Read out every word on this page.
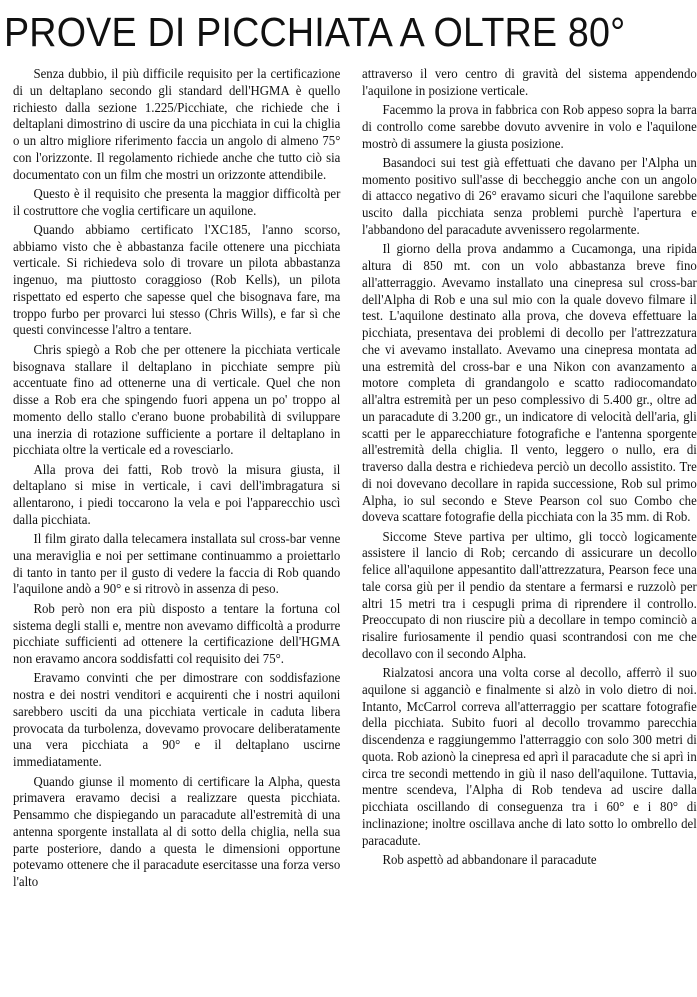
PROVE DI PICCHIATA A OLTRE 80°

Senza dubbio, il più difficile requisito per la certificazione di un deltaplano secondo gli standard dell'HGMA è quello richiesto dalla sezione 1.225/Picchiate, che richiede che i deltaplani dimostrino di uscire da una picchiata in cui la chiglia o un altro migliore riferimento faccia un angolo di almeno 75° con l'orizzonte. Il regolamento richiede anche che tutto ciò sia documentato con un film che mostri un orizzonte attendibile.

Questo è il requisito che presenta la maggior difficoltà per il costruttore che voglia certificare un aquilone.

Quando abbiamo certificato l'XC185, l'anno scorso, abbiamo visto che è abbastanza facile ottenere una picchiata verticale. Si richiedeva solo di trovare un pilota abbastanza ingenuo, ma piuttosto coraggioso (Rob Kells), un pilota rispettato ed esperto che sapesse quel che bisognava fare, ma troppo furbo per provarci lui stesso (Chris Wills), e far sì che questi convincesse l'altro a tentare.

Chris spiegò a Rob che per ottenere la picchiata verticale bisognava stallare il deltaplano in picchiate sempre più accentuate fino ad ottenerne una di verticale. Quel che non disse a Rob era che spingendo fuori appena un po' troppo al momento dello stallo c'erano buone probabilità di sviluppare una inerzia di rotazione sufficiente a portare il deltaplano in picchiata oltre la verticale ed a rovesciarlo.

Alla prova dei fatti, Rob trovò la misura giusta, il deltaplano si mise in verticale, i cavi dell'imbragatura si allentarono, i piedi toccarono la vela e poi l'apparecchio uscì dalla picchiata.

Il film girato dalla telecamera installata sul cross-bar venne una meraviglia e noi per settimane continuammo a proiettarlo di tanto in tanto per il gusto di vedere la faccia di Rob quando l'aquilone andò a 90° e si ritrovò in assenza di peso.

Rob però non era più disposto a tentare la fortuna col sistema degli stalli e, mentre non avevamo difficoltà a produrre picchiate sufficienti ad ottenere la certificazione dell'HGMA non eravamo ancora soddisfatti col requisito dei 75°.

Eravamo convinti che per dimostrare con soddisfazione nostra e dei nostri venditori e acquirenti che i nostri aquiloni sarebbero usciti da una picchiata verticale in caduta libera provocata da turbolenza, dovevamo provocare deliberatamente una vera picchiata a 90° e il deltaplano uscirne immediatamente.

Quando giunse il momento di certificare la Alpha, questa primavera eravamo decisi a realizzare questa picchiata. Pensammo che dispiegando un paracadute all'estremità di una antenna sporgente installata al di sotto della chiglia, nella sua parte posteriore, dando a questa le dimensioni opportune potevamo ottenere che il paracadute esercitasse una forza verso l'alto

attraverso il vero centro di gravità del sistema appendendo l'aquilone in posizione verticale.

Facemmo la prova in fabbrica con Rob appeso sopra la barra di controllo come sarebbe dovuto avvenire in volo e l'aquilone mostrò di assumere la giusta posizione.

Basandoci sui test già effettuati che davano per l'Alpha un momento positivo sull'asse di beccheggio anche con un angolo di attacco negativo di 26° eravamo sicuri che l'aquilone sarebbe uscito dalla picchiata senza problemi purchè l'apertura e l'abbandono del paracadute avvenissero regolarmente.

Il giorno della prova andammo a Cucamonga, una ripida altura di 850 mt. con un volo abbastanza breve fino all'atterraggio. Avevamo installato una cinepresa sul cross-bar dell'Alpha di Rob e una sul mio con la quale dovevo filmare il test. L'aquilone destinato alla prova, che doveva effettuare la picchiata, presentava dei problemi di decollo per l'attrezzatura che vi avevamo installato. Avevamo una cinepresa montata ad una estremità del cross-bar e una Nikon con avanzamento a motore completa di grandangolo e scatto radiocomandato all'altra estremità per un peso complessivo di 5.400 gr., oltre ad un paracadute di 3.200 gr., un indicatore di velocità dell'aria, gli scatti per le apparecchiature fotografiche e l'antenna sporgente all'estremità della chiglia. Il vento, leggero o nullo, era di traverso dalla destra e richiedeva perciò un decollo assistito. Tre di noi dovevano decollare in rapida successione, Rob sul primo Alpha, io sul secondo e Steve Pearson col suo Combo che doveva scattare fotografie della picchiata con la 35 mm. di Rob.

Siccome Steve partiva per ultimo, gli toccò logicamente assistere il lancio di Rob; cercando di assicurare un decollo felice all'aquilone appesantito dall'attrezzatura, Pearson fece una tale corsa giù per il pendio da stentare a fermarsi e ruzzolò per altri 15 metri tra i cespugli prima di riprendere il controllo. Preoccupato di non riuscire più a decollare in tempo cominciò a risalire furiosamente il pendio quasi scontrandosi con me che decollavo con il secondo Alpha.

Rialzatosi ancora una volta corse al decollo, afferrò il suo aquilone si agganciò e finalmente si alzò in volo dietro di noi. Intanto, McCarrol correva all'atterraggio per scattare fotografie della picchiata. Subito fuori al decollo trovammo parecchia discendenza e raggiungemmo l'atterraggio con solo 300 metri di quota. Rob azionò la cinepresa ed aprì il paracadute che si aprì in circa tre secondi mettendo in giù il naso dell'aquilone. Tuttavia, mentre scendeva, l'Alpha di Rob tendeva ad uscire dalla picchiata oscillando di conseguenza tra i 60° e i 80° di inclinazione; inoltre oscillava anche di lato sotto lo ombrello del paracadute.

Rob aspettò ad abbandonare il paracadute
